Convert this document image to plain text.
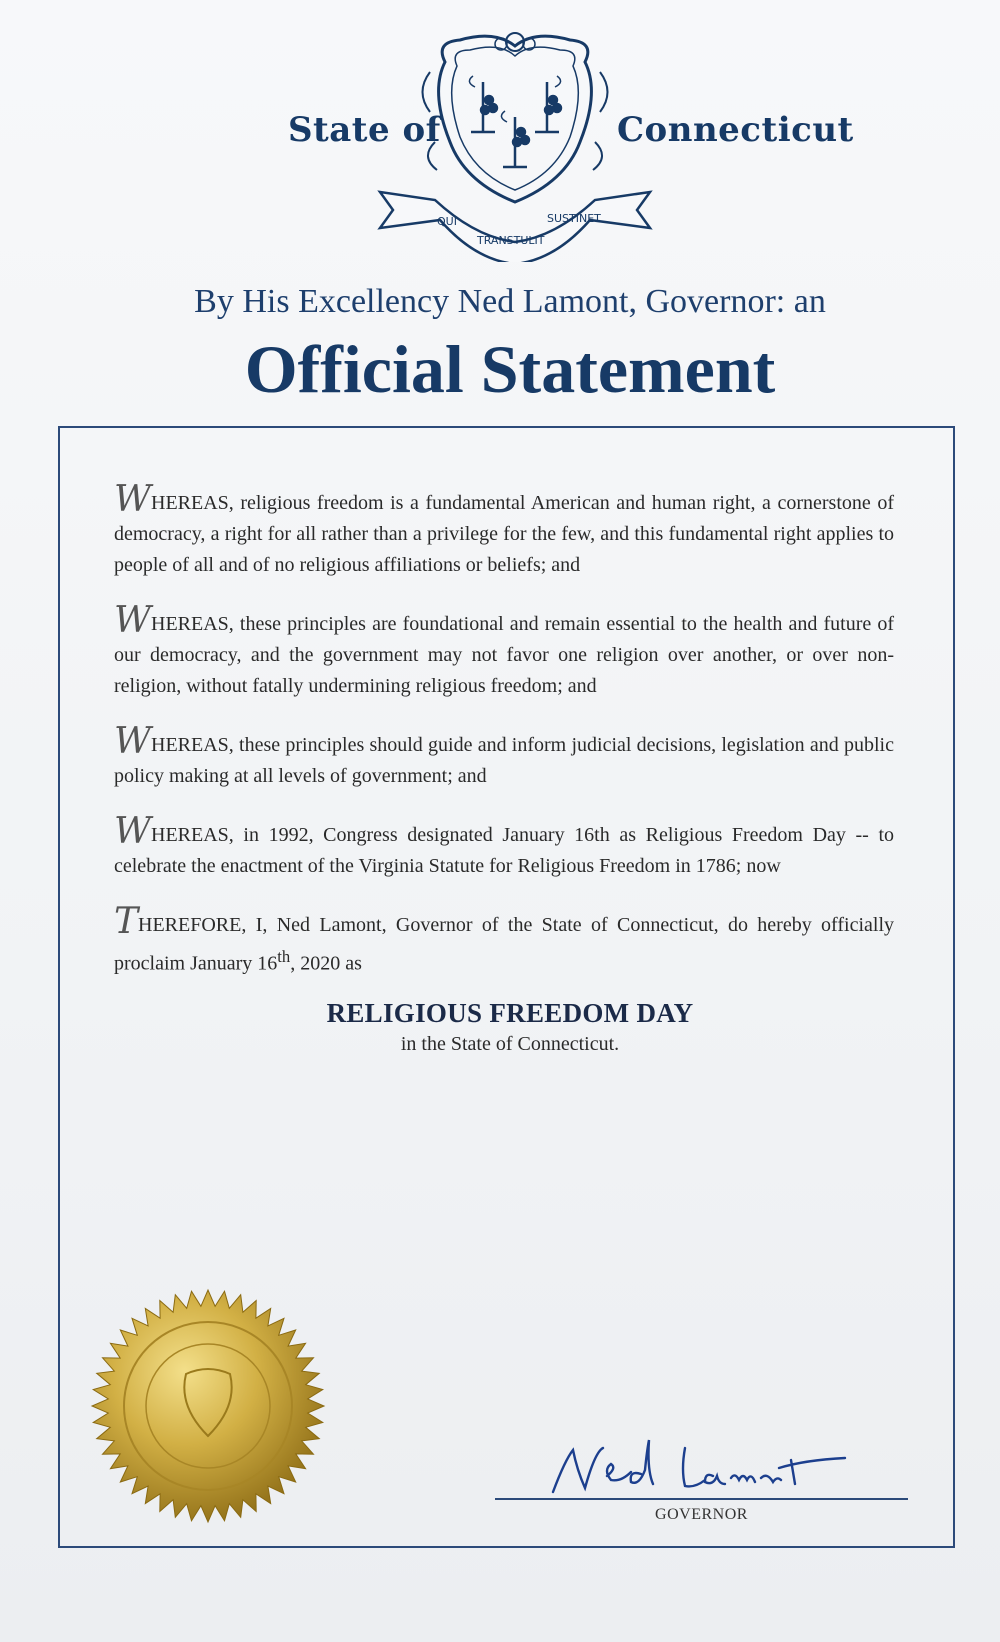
State of
QUI
TRANSTULIT
SUSTINET
Connecticut
By His Excellency Ned Lamont, Governor: an
Official Statement

WHEREAS, religious freedom is a fundamental American and human right, a cornerstone of democracy, a right for all rather than a privilege for the few, and this fundamental right applies to people of all and of no religious affiliations or beliefs; and

WHEREAS, these principles are foundational and remain essential to the health and future of our democracy, and the government may not favor one religion over another, or over non-religion, without fatally undermining religious freedom; and

WHEREAS, these principles should guide and inform judicial decisions, legislation and public policy making at all levels of government; and

WHEREAS, in 1992, Congress designated January 16th as Religious Freedom Day -- to celebrate the enactment of the Virginia Statute for Religious Freedom in 1786; now

THEREFORE, I, Ned Lamont, Governor of the State of Connecticut, do hereby officially proclaim January 16th, 2020 as

RELIGIOUS FREEDOM DAY
in the State of Connecticut.
GOVERNOR
